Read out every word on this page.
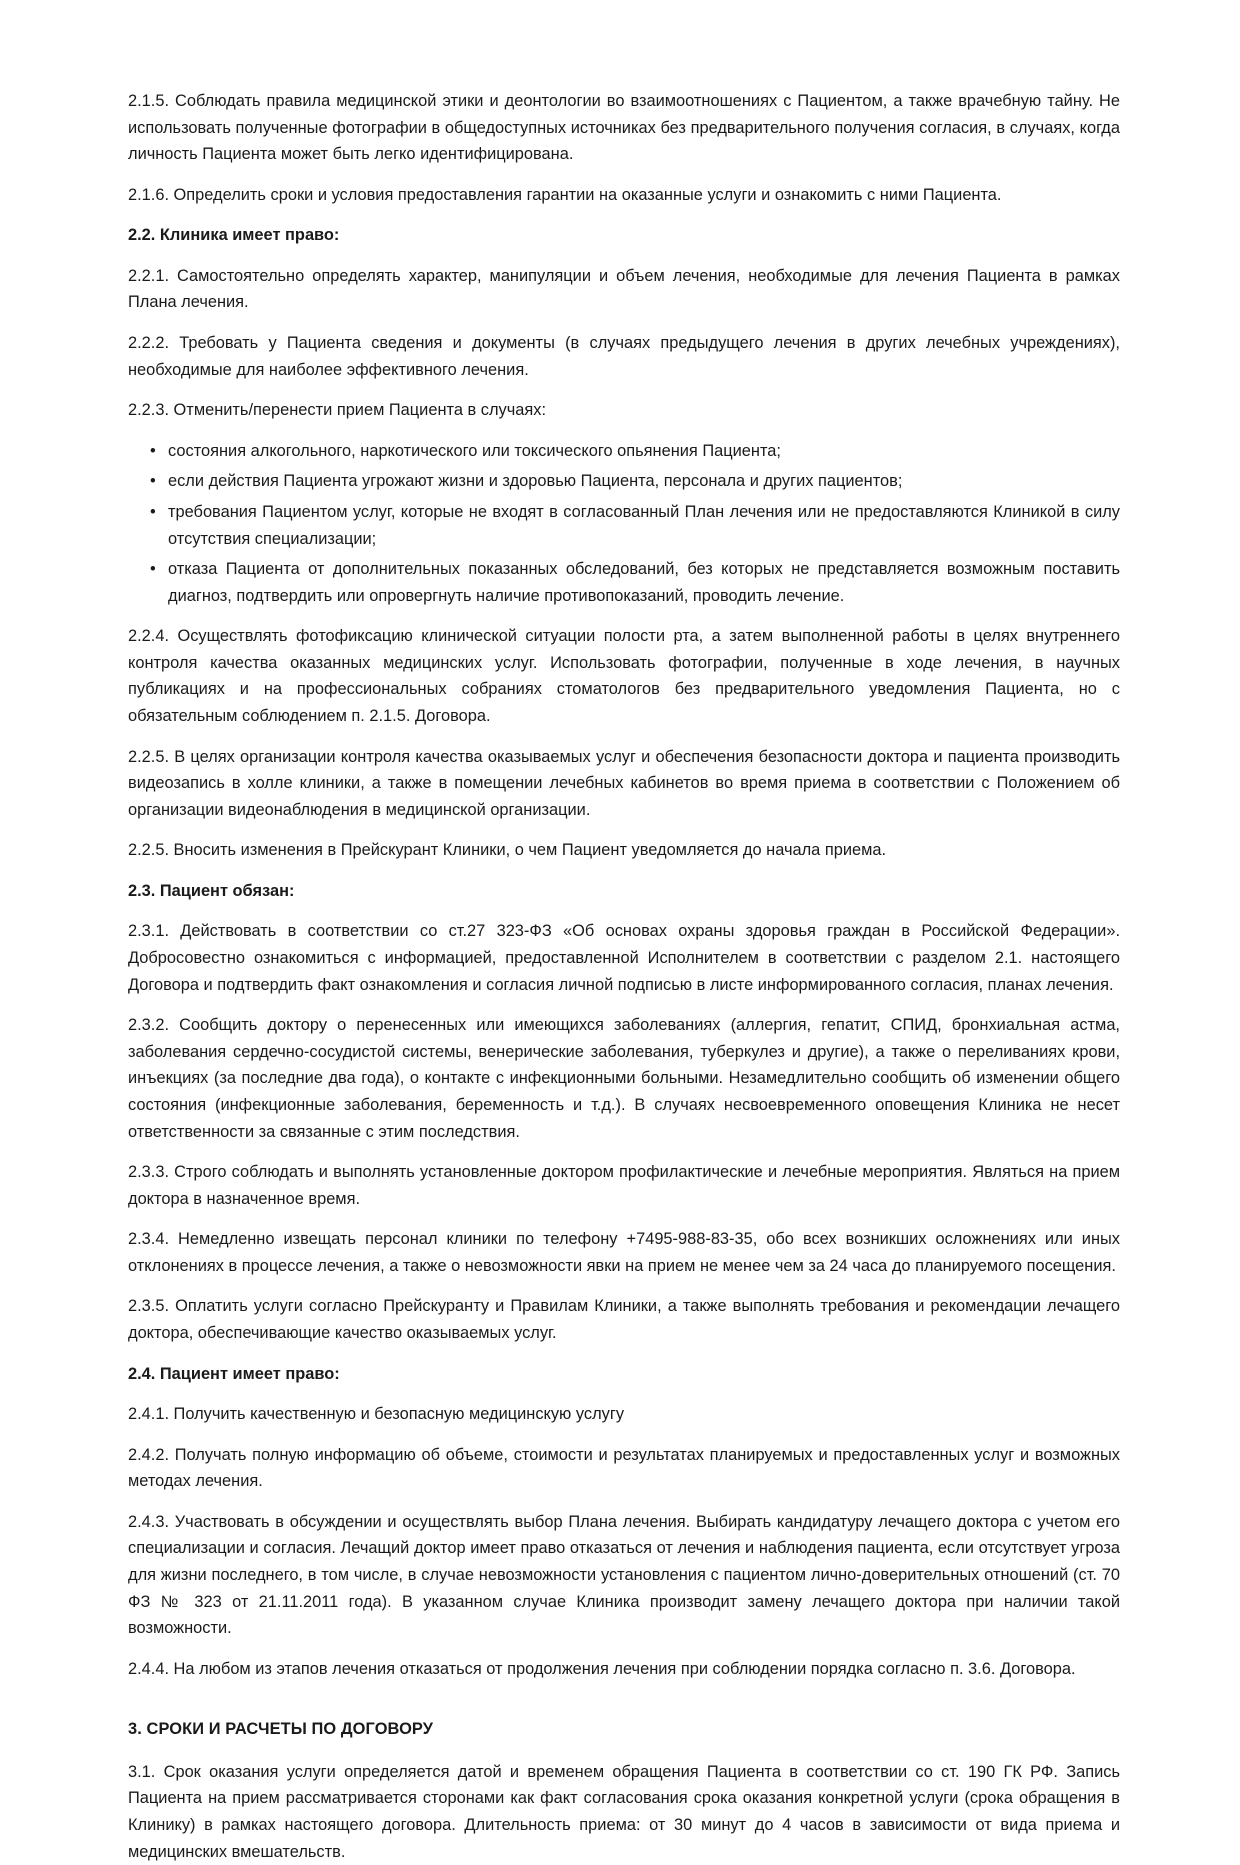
2.1.5. Соблюдать правила медицинской этики и деонтологии во взаимоотношениях с Пациентом, а также врачебную тайну. Не использовать полученные фотографии в общедоступных источниках без предварительного получения согласия, в случаях, когда личность Пациента может быть легко идентифицирована.

2.1.6. Определить сроки и условия предоставления гарантии на оказанные услуги и ознакомить с ними Пациента.

2.2. Клиника имеет право:

2.2.1. Самостоятельно определять характер, манипуляции и объем лечения, необходимые для лечения Пациента в рамках Плана лечения.

2.2.2. Требовать у Пациента сведения и документы (в случаях предыдущего лечения в других лечебных учреждениях), необходимые для наиболее эффективного лечения.

2.2.3. Отменить/перенести прием Пациента в случаях:

• состояния алкогольного, наркотического или токсического опьянения Пациента;
• если действия Пациента угрожают жизни и здоровью Пациента, персонала и других пациентов;
• требования Пациентом услуг, которые не входят в согласованный План лечения или не предоставляются Клиникой в силу отсутствия специализации;
• отказа Пациента от дополнительных показанных обследований, без которых не представляется возможным поставить диагноз, подтвердить или опровергнуть наличие противопоказаний, проводить лечение.

2.2.4. Осуществлять фотофиксацию клинической ситуации полости рта, а затем выполненной работы в целях внутреннего контроля качества оказанных медицинских услуг. Использовать фотографии, полученные в ходе лечения, в научных публикациях и на профессиональных собраниях стоматологов без предварительного уведомления Пациента, но с обязательным соблюдением п. 2.1.5. Договора.

2.2.5. В целях организации контроля качества оказываемых услуг и обеспечения безопасности доктора и пациента производить видеозапись в холле клиники, а также в помещении лечебных кабинетов во время приема в соответствии с Положением об организации видеонаблюдения в медицинской организации.

2.2.5. Вносить изменения в Прейскурант Клиники, о чем Пациент уведомляется до начала приема.

2.3. Пациент обязан:

2.3.1. Действовать в соответствии со ст.27 323-ФЗ «Об основах охраны здоровья граждан в Российской Федерации». Добросовестно ознакомиться с информацией, предоставленной Исполнителем в соответствии с разделом 2.1. настоящего Договора и подтвердить факт ознакомления и согласия личной подписью в листе информированного согласия, планах лечения.

2.3.2. Сообщить доктору о перенесенных или имеющихся заболеваниях (аллергия, гепатит, СПИД, бронхиальная астма, заболевания сердечно-сосудистой системы, венерические заболевания, туберкулез и другие), а также о переливаниях крови, инъекциях (за последние два года), о контакте с инфекционными больными. Незамедлительно сообщить об изменении общего состояния (инфекционные заболевания, беременность и т.д.). В случаях несвоевременного оповещения Клиника не несет ответственности за связанные с этим последствия.

2.3.3. Строго соблюдать и выполнять установленные доктором профилактические и лечебные мероприятия. Являться на прием доктора в назначенное время.

2.3.4. Немедленно извещать персонал клиники по телефону +7495-988-83-35, обо всех возникших осложнениях или иных отклонениях в процессе лечения, а также о невозможности явки на прием не менее чем за 24 часа до планируемого посещения.

2.3.5. Оплатить услуги согласно Прейскуранту и Правилам Клиники, а также выполнять требования и рекомендации лечащего доктора, обеспечивающие качество оказываемых услуг.

2.4. Пациент имеет право:

2.4.1. Получить качественную и безопасную медицинскую услугу

2.4.2. Получать полную информацию об объеме, стоимости и результатах планируемых и предоставленных услуг и возможных методах лечения.

2.4.3. Участвовать в обсуждении и осуществлять выбор Плана лечения. Выбирать кандидатуру лечащего доктора с учетом его специализации и согласия. Лечащий доктор имеет право отказаться от лечения и наблюдения пациента, если отсутствует угроза для жизни последнего, в том числе, в случае невозможности установления с пациентом лично-доверительных отношений (ст. 70 ФЗ № 323 от 21.11.2011 года). В указанном случае Клиника производит замену лечащего доктора при наличии такой возможности.

2.4.4. На любом из этапов лечения отказаться от продолжения лечения при соблюдении порядка согласно п. 3.6. Договора.

3. СРОКИ И РАСЧЕТЫ ПО ДОГОВОРУ

3.1. Срок оказания услуги определяется датой и временем обращения Пациента в соответствии со ст. 190 ГК РФ. Запись Пациента на прием рассматривается сторонами как факт согласования срока оказания конкретной услуги (срока обращения в Клинику) в рамках настоящего договора. Длительность приема: от 30 минут до 4 часов в зависимости от вида приема и медицинских вмешательств.
